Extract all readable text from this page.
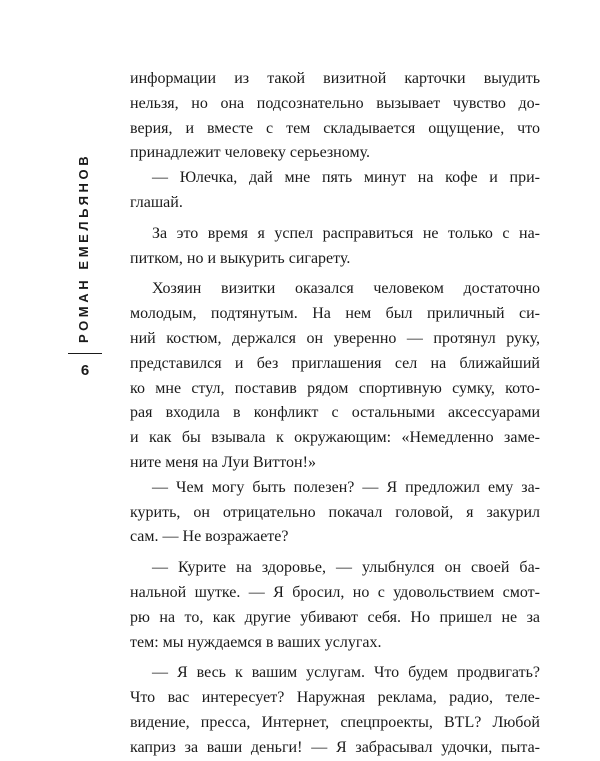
РОМАН ЕМЕЛЬЯНОВ
6
информации из такой визитной карточки выудить
нельзя, но она подсознательно вызывает чувство до-
верия, и вместе с тем складывается ощущение, что
принадлежит человеку серьезному.
— Юлечка, дай мне пять минут на кофе и при-
глашай.
За это время я успел расправиться не только с на-
питком, но и выкурить сигарету.
Хозяин визитки оказался человеком достаточно
молодым, подтянутым. На нем был приличный си-
ний костюм, держался он уверенно — протянул руку,
представился и без приглашения сел на ближайший
ко мне стул, поставив рядом спортивную сумку, кото-
рая входила в конфликт с остальными аксессуарами
и как бы взывала к окружающим: «Немедленно заме-
ните меня на Луи Виттон!»
— Чем могу быть полезен? — Я предложил ему за-
курить, он отрицательно покачал головой, я закурил
сам. — Не возражаете?
— Курите на здоровье, — улыбнулся он своей ба-
нальной шутке. — Я бросил, но с удовольствием смот-
рю на то, как другие убивают себя. Но пришел не за
тем: мы нуждаемся в ваших услугах.
— Я весь к вашим услугам. Что будем продвигать?
Что вас интересует? Наружная реклама, радио, теле-
видение, пресса, Интернет, спецпроекты, BTL? Любой
каприз за ваши деньги! — Я забрасывал удочки, пыта-
